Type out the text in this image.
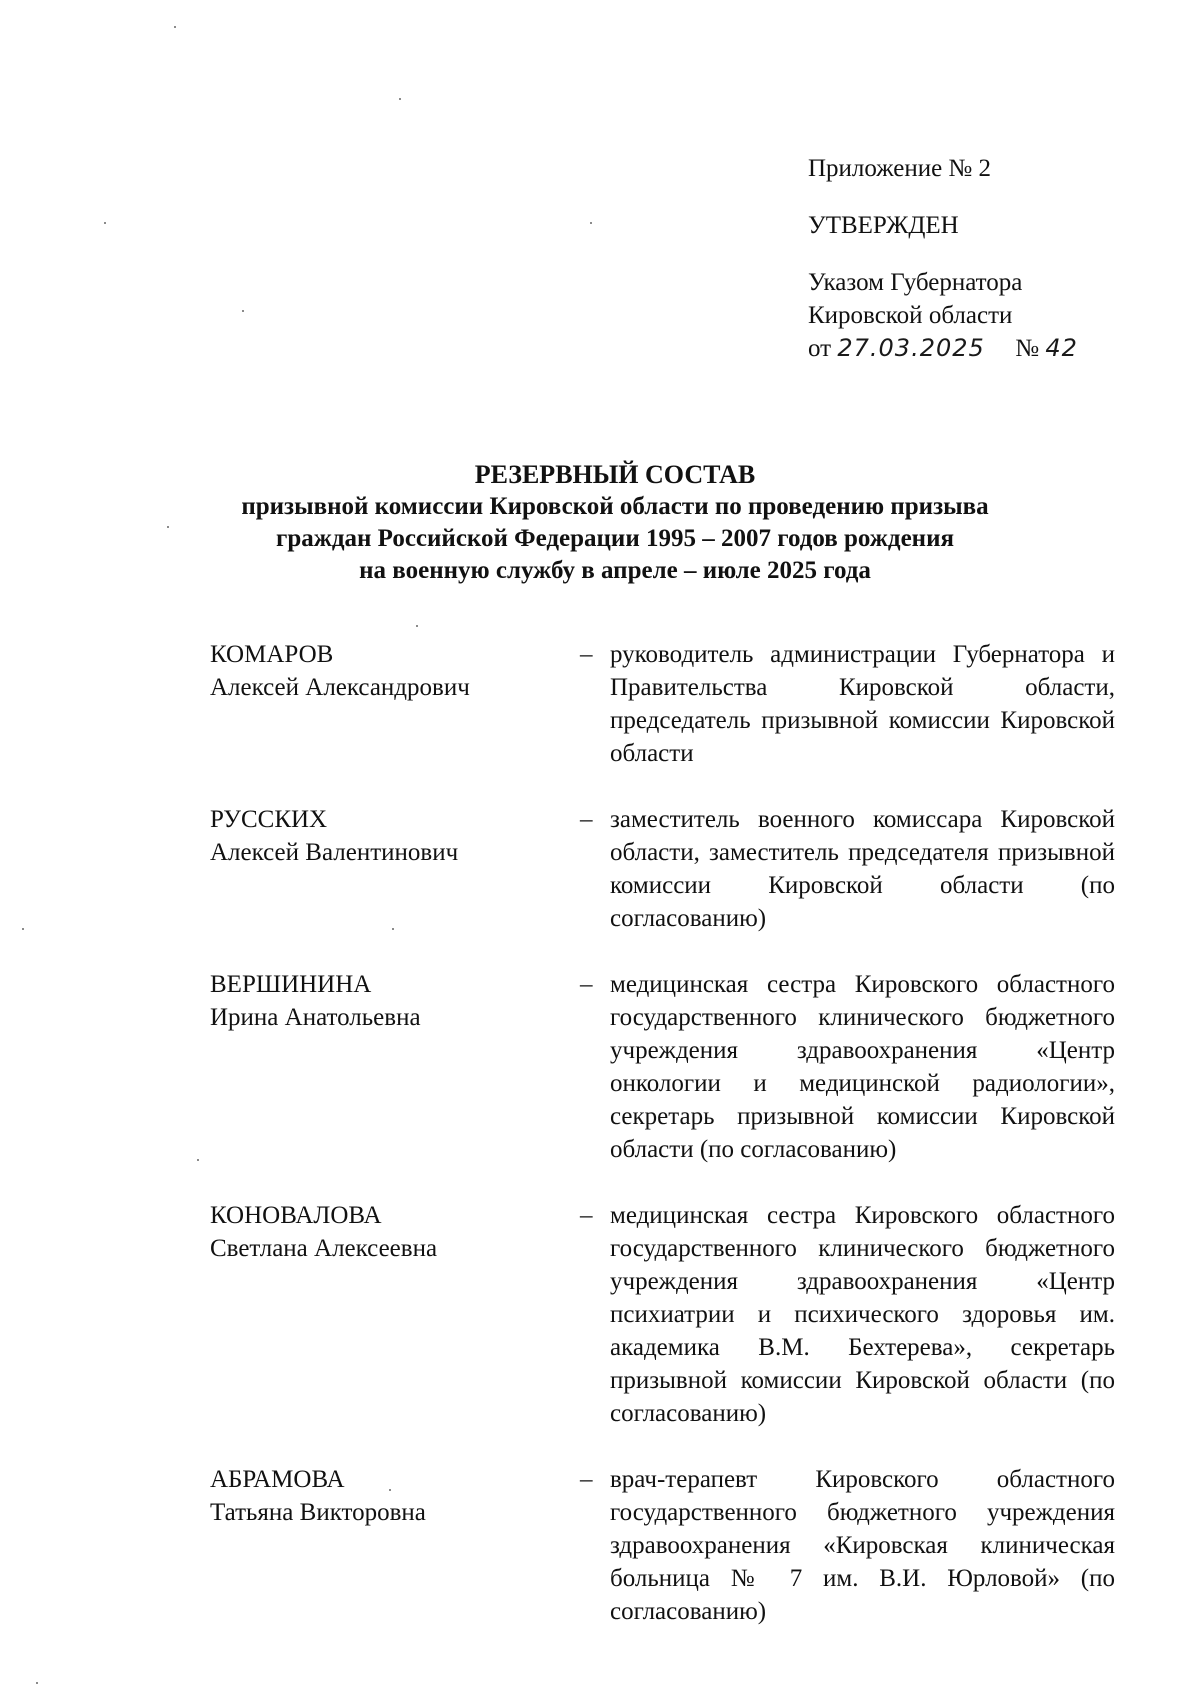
Приложение № 2
УТВЕРЖДЕН
Указом Губернатора
Кировской области
от 27.03.2025 № 42
РЕЗЕРВНЫЙ СОСТАВ
призывной комиссии Кировской области по проведению призыва
граждан Российской Федерации 1995 – 2007 годов рождения
на военную службу в апреле – июле 2025 года
КОМАРОВ
Алексей Александрович
– руководитель администрации Губернатора и Правительства Кировской области, председатель призывной комиссии Кировской области
РУССКИХ
Алексей Валентинович
– заместитель военного комиссара Кировской области, заместитель председателя призывной комиссии Кировской области (по согласованию)
ВЕРШИНИНА
Ирина Анатольевна
– медицинская сестра Кировского областного государственного клинического бюджетного учреждения здравоохранения «Центр онкологии и медицинской радиологии», секретарь призывной комиссии Кировской области (по согласованию)
КОНОВАЛОВА
Светлана Алексеевна
– медицинская сестра Кировского областного государственного клинического бюджетного учреждения здравоохранения «Центр психиатрии и психического здоровья им. академика В.М. Бехтерева», секретарь призывной комиссии Кировской области (по согласованию)
АБРАМОВА
Татьяна Викторовна
– врач-терапевт Кировского областного государственного бюджетного учреждения здравоохранения «Кировская клиническая больница № 7 им. В.И. Юрловой» (по согласованию)
